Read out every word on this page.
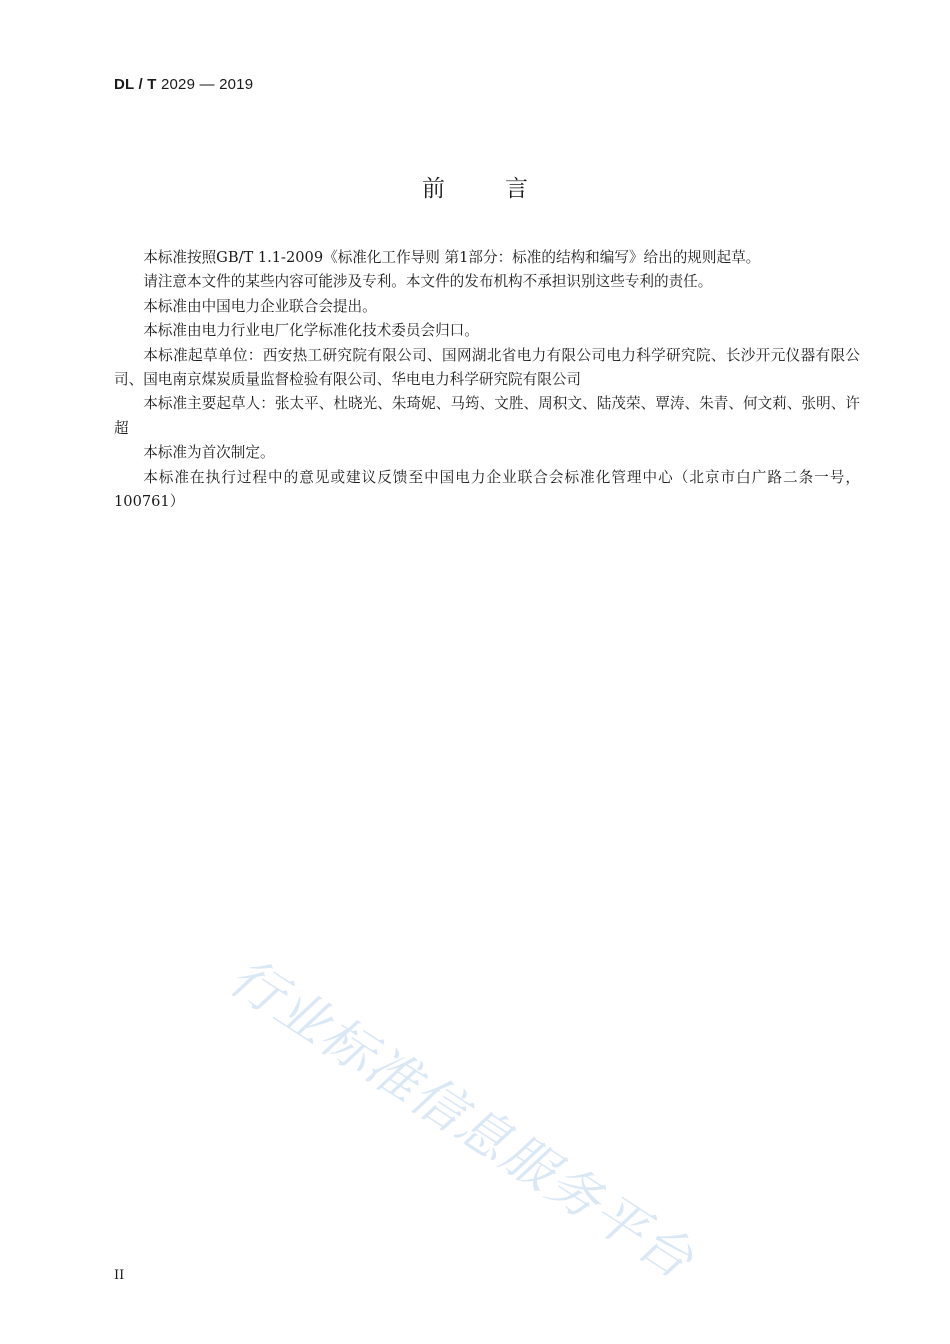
DL / T 2029 — 2019
前言

本标准按照GB/T 1.1-2009《标准化工作导则 第1部分：标准的结构和编写》给出的规则起草。

请注意本文件的某些内容可能涉及专利。本文件的发布机构不承担识别这些专利的责任。

本标准由中国电力企业联合会提出。

本标准由电力行业电厂化学标准化技术委员会归口。

本标准起草单位：西安热工研究院有限公司、国网湖北省电力有限公司电力科学研究院、长沙开元仪器有限公司、国电南京煤炭质量监督检验有限公司、华电电力科学研究院有限公司

本标准主要起草人：张太平、杜晓光、朱琦妮、马筠、文胜、周积文、陆茂荣、覃涛、朱青、何文莉、张明、许超

本标准为首次制定。

本标准在执行过程中的意见或建议反馈至中国电力企业联合会标准化管理中心（北京市白广路二条一号，100761）

行业标准信息服务平台
II
